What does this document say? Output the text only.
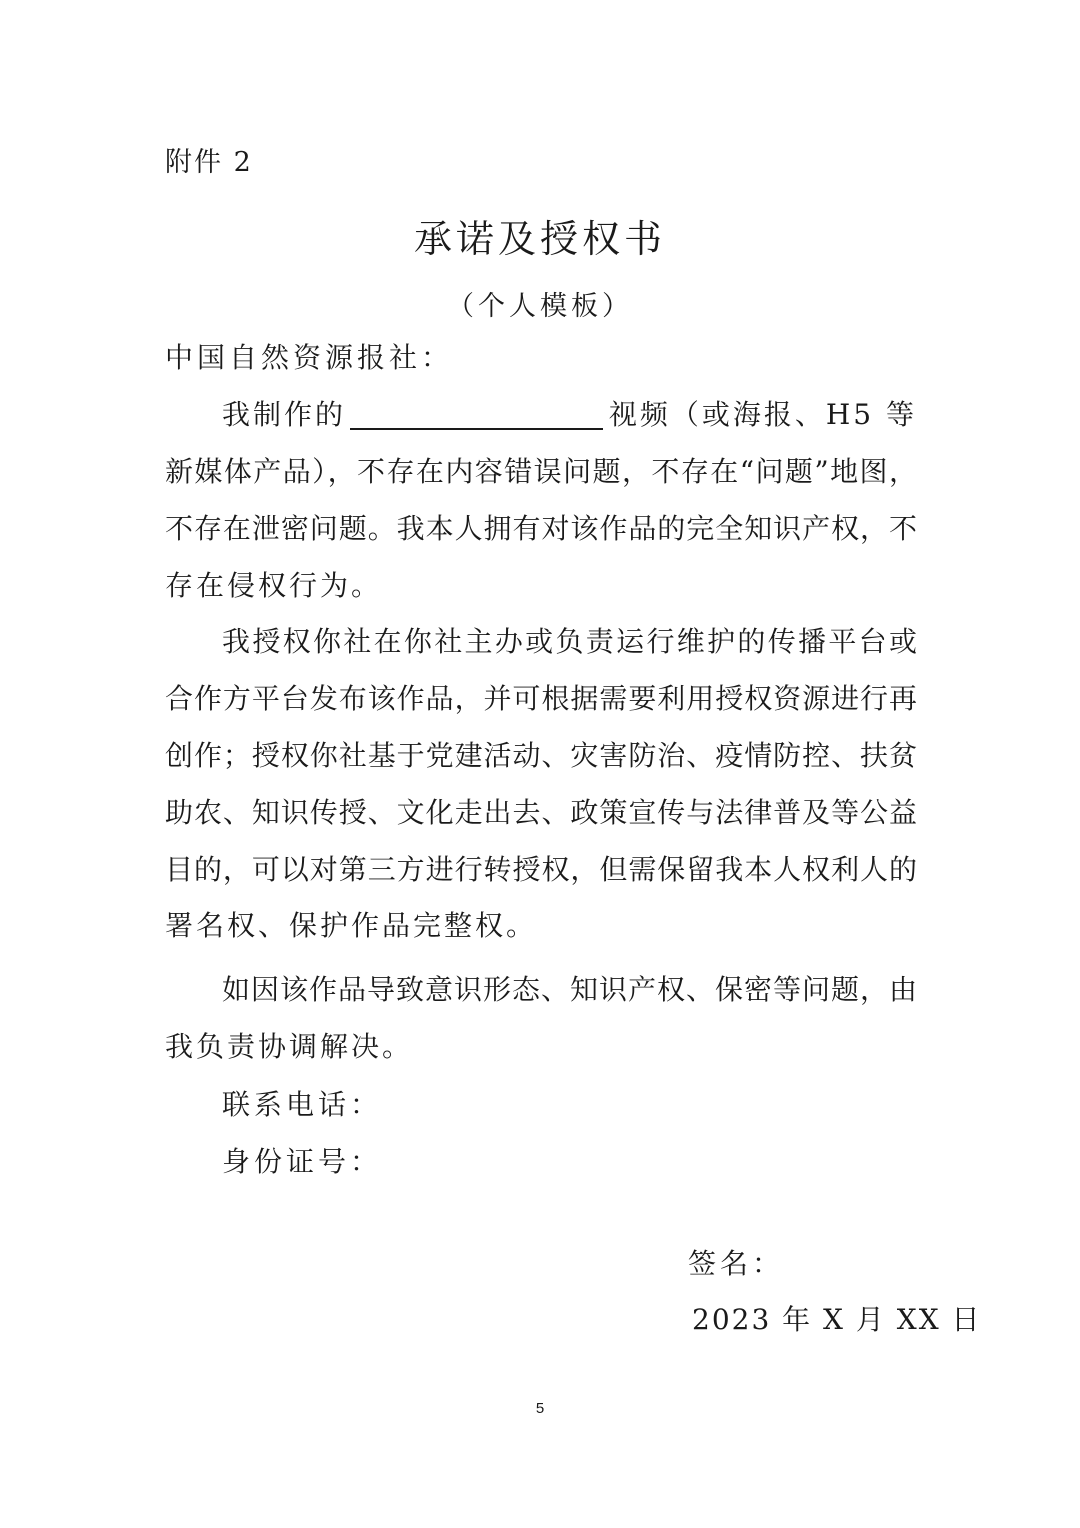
附件 2
承诺及授权书
（个人模板）
中国自然资源报社：
我制作的	视频（或海报、H5 等
新媒体产品），不存在内容错误问题，不存在“问题”地图，
不存在泄密问题。我本人拥有对该作品的完全知识产权，不
存在侵权行为。
我授权你社在你社主办或负责运行维护的传播平台或
合作方平台发布该作品，并可根据需要利用授权资源进行再
创作；授权你社基于党建活动、灾害防治、疫情防控、扶贫
助农、知识传授、文化走出去、政策宣传与法律普及等公益
目的，可以对第三方进行转授权，但需保留我本人权利人的
署名权、保护作品完整权。
如因该作品导致意识形态、知识产权、保密等问题，由
我负责协调解决。
联系电话：
身份证号：
签名：
2023 年 X 月 XX 日
5
